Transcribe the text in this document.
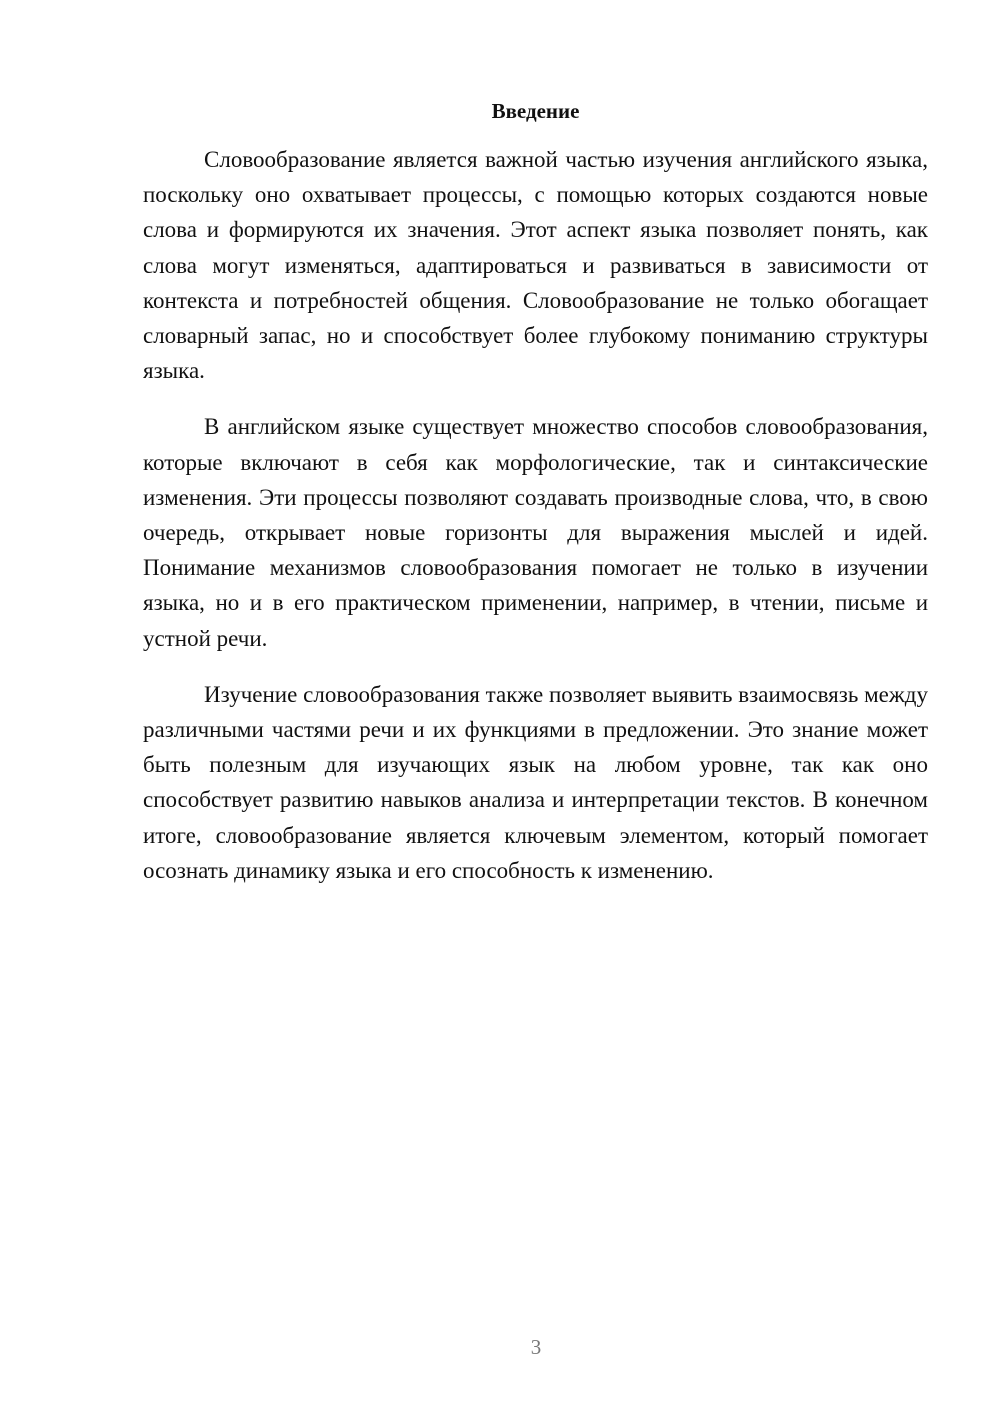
Введение

Словообразование является важной частью изучения английского языка, поскольку оно охватывает процессы, с помощью которых создаются новые слова и формируются их значения. Этот аспект языка позволяет понять, как слова могут изменяться, адаптироваться и развиваться в зависимости от контекста и потребностей общения. Словообразование не только обогащает словарный запас, но и способствует более глубокому пониманию структуры языка.

В английском языке существует множество способов словообразования, которые включают в себя как морфологические, так и синтаксические изменения. Эти процессы позволяют создавать производные слова, что, в свою очередь, открывает новые горизонты для выражения мыслей и идей. Понимание механизмов словообразования помогает не только в изучении языка, но и в его практическом применении, например, в чтении, письме и устной речи.

Изучение словообразования также позволяет выявить взаимосвязь между различными частями речи и их функциями в предложении. Это знание может быть полезным для изучающих язык на любом уровне, так как оно способствует развитию навыков анализа и интерпретации текстов. В конечном итоге, словообразование является ключевым элементом, который помогает осознать динамику языка и его способность к изменению.

3
